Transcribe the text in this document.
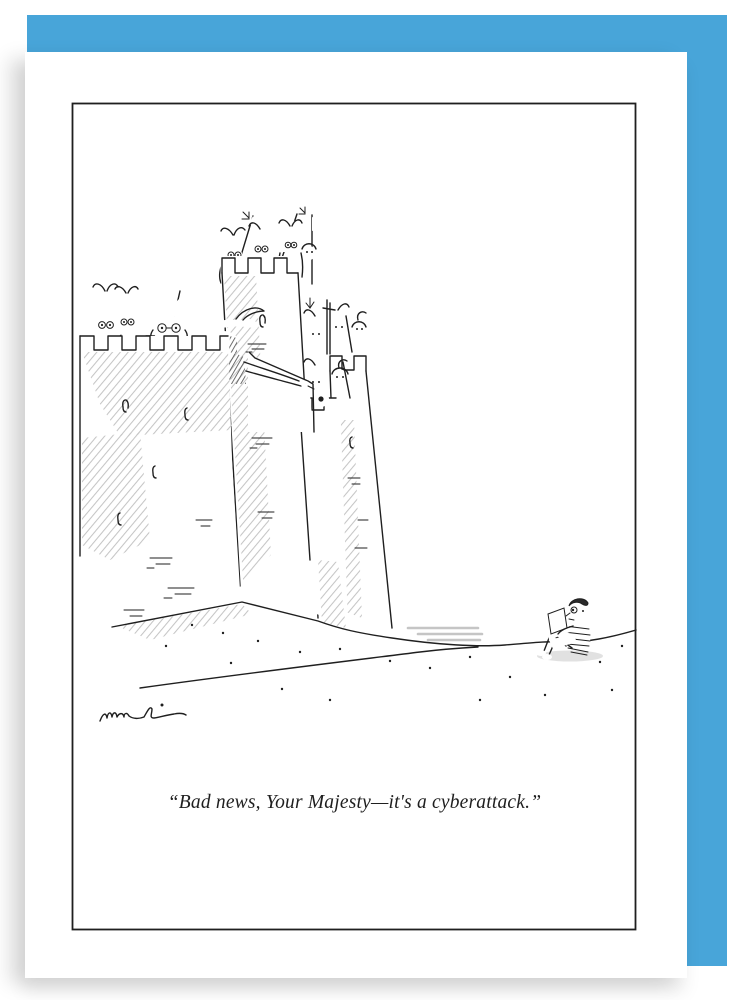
“Bad news, Your Majesty—it's a cyberattack.”
